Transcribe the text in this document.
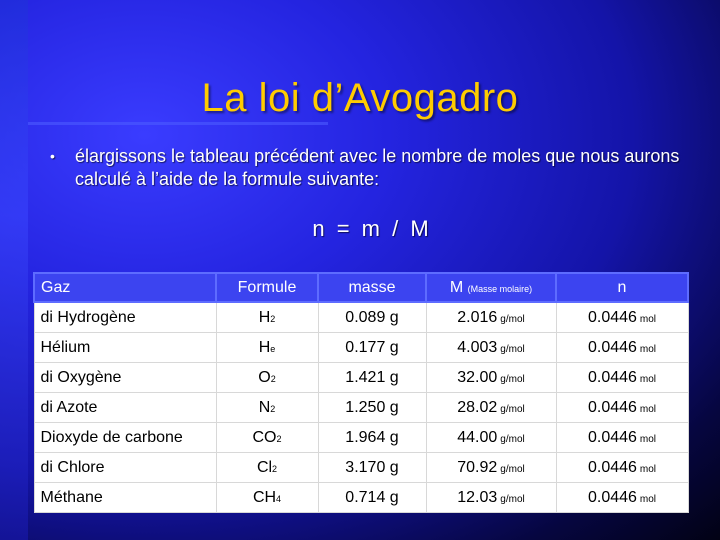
La loi d’Avogadro
• élargissons le tableau précédent avec le nombre de moles que nous aurons calculé à l’aide de la formule suivante:
n = m / M
Gaz	Formule	masse	M (Masse molaire)	n
di Hydrogène	H2	0.089 g	2.016 g/mol	0.0446 mol
Hélium	He	0.177 g	4.003 g/mol	0.0446 mol
di Oxygène	O2	1.421 g	32.00 g/mol	0.0446 mol
di Azote	N2	1.250 g	28.02 g/mol	0.0446 mol
Dioxyde de carbone	CO2	1.964 g	44.00 g/mol	0.0446 mol
di Chlore	Cl2	3.170 g	70.92 g/mol	0.0446 mol
Méthane	CH4	0.714 g	12.03 g/mol	0.0446 mol
